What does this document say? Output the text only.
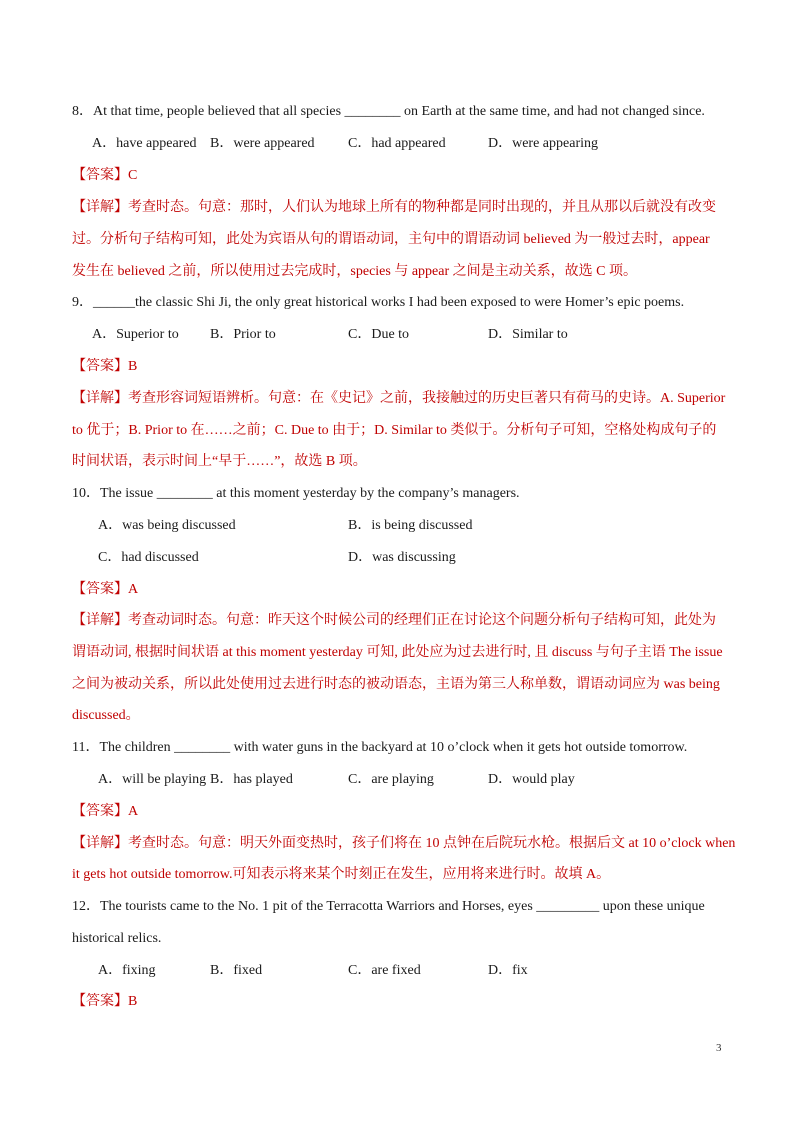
8．At that time, people believed that all species ________ on Earth at the same time, and had not changed since.
A．have appeared B．were appeared C．had appeared	D．were appearing
【答案】C
【详解】考查时态。句意：那时，人们认为地球上所有的物种都是同时出现的，并且从那以后就没有改变
过。分析句子结构可知，此处为宾语从句的谓语动词，主句中的谓语动词 believed 为一般过去时，appear
发生在 believed 之前，所以使用过去完成时，species 与 appear 之间是主动关系，故选 C 项。
9．______the classic Shi Ji, the only great historical works I had been exposed to were Homer’s epic poems.
A．Superior to B．Prior to	C．Due to	D．Similar to
【答案】B
【详解】考查形容词短语辨析。句意：在《史记》之前，我接触过的历史巨著只有荷马的史诗。A. Superior
to 优于；B. Prior to 在……之前；C. Due to 由于；D. Similar to 类似于。分析句子可知，空格处构成句子的
时间状语，表示时间上“早于……”，故选 B 项。
10．The issue ________ at this moment yesterday by the company’s managers.
A．was being discussed	B．is being discussed
C．had discussed	D．was discussing
【答案】A
【详解】考查动词时态。句意：昨天这个时候公司的经理们正在讨论这个问题分析句子结构可知，此处为
谓语动词, 根据时间状语 at this moment yesterday 可知, 此处应为过去进行时, 且 discuss 与句子主语 The issue
之间为被动关系，所以此处使用过去进行时态的被动语态，主语为第三人称单数，谓语动词应为 was being
discussed。
11．The children ________ with water guns in the backyard at 10 o’clock when it gets hot outside tomorrow.
A．will be playing B．has played	C．are playing	D．would play
【答案】A
【详解】考查时态。句意：明天外面变热时，孩子们将在 10 点钟在后院玩水枪。根据后文 at 10 o’clock when
it gets hot outside tomorrow.可知表示将来某个时刻正在发生，应用将来进行时。故填 A。
12．The tourists came to the No. 1 pit of the Terracotta Warriors and Horses, eyes _________ upon these unique
historical relics.
A．fixing	B．fixed	C．are fixed	D．fix
【答案】B
3
